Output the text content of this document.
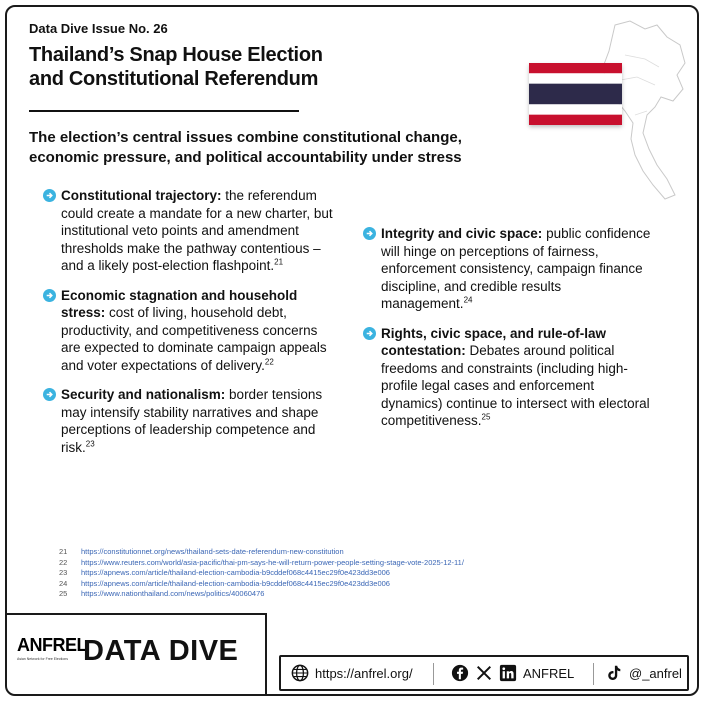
Data Dive Issue No. 26
Thailand’s Snap House Election
and Constitutional Referendum
The election’s central issues combine constitutional change, economic pressure, and political accountability under stress
Constitutional trajectory: the referendum could create a mandate for a new charter, but institutional veto points and amendment thresholds make the pathway contentious – and a likely post-election flashpoint.$^{21}$
Economic stagnation and household stress: cost of living, household debt, productivity, and competitiveness concerns are expected to dominate campaign appeals and voter expectations of delivery.$^{22}$
Security and nationalism: border tensions may intensify stability narratives and shape perceptions of leadership competence and risk.$^{23}$
Integrity and civic space: public confidence will hinge on perceptions of fairness, enforcement consistency, campaign finance discipline, and credible results management.$^{24}$
Rights, civic space, and rule-of-law contestation: Debates around political freedoms and constraints (including high-profile legal cases and enforcement dynamics) continue to intersect with electoral competitiveness.$^{25}$
21 https://constitutionnet.org/news/thailand-sets-date-referendum-new-constitution
22 https://www.reuters.com/world/asia-pacific/thai-pm-says-he-will-return-power-people-setting-stage-vote-2025-12-11/
23 https://apnews.com/article/thailand-election-cambodia-b9cddef068c4415ec29f0e423dd3e006
24 https://apnews.com/article/thailand-election-cambodia-b9cddef068c4415ec29f0e423dd3e006
25 https://www.nationthailand.com/news/politics/40060476
ANFREL
Asian Network for Free Elections DATA DIVE
https://anfrel.org/	ANFREL	@_anfrel
